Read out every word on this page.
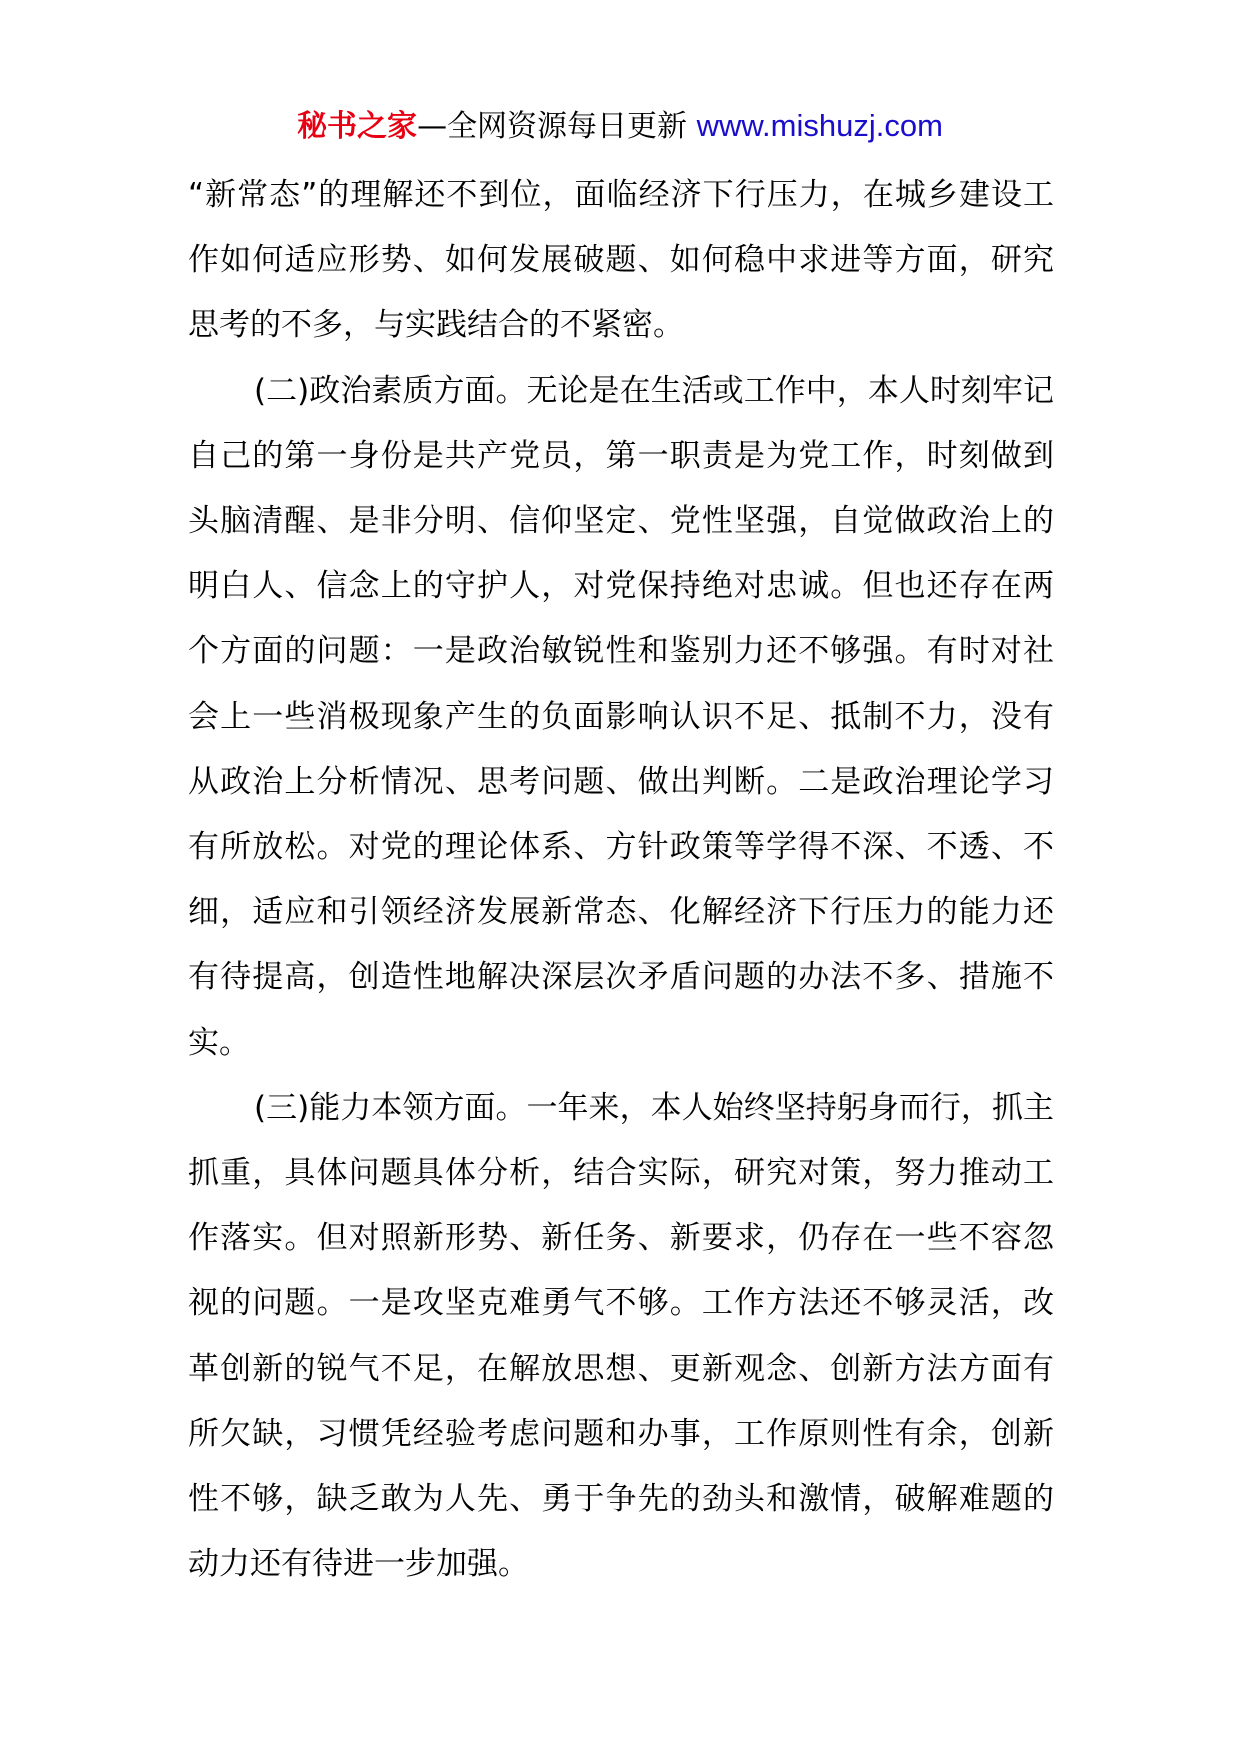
秘书之家—全网资源每日更新 www.mishuzj.com

“新常态”的理解还不到位，面临经济下行压力，在城乡建设工作如何适应形势、如何发展破题、如何稳中求进等方面，研究思考的不多，与实践结合的不紧密。

(二)政治素质方面。无论是在生活或工作中，本人时刻牢记自己的第一身份是共产党员，第一职责是为党工作，时刻做到头脑清醒、是非分明、信仰坚定、党性坚强，自觉做政治上的明白人、信念上的守护人，对党保持绝对忠诚。但也还存在两个方面的问题：一是政治敏锐性和鉴别力还不够强。有时对社会上一些消极现象产生的负面影响认识不足、抵制不力，没有从政治上分析情况、思考问题、做出判断。二是政治理论学习有所放松。对党的理论体系、方针政策等学得不深、不透、不细，适应和引领经济发展新常态、化解经济下行压力的能力还有待提高，创造性地解决深层次矛盾问题的办法不多、措施不实。

(三)能力本领方面。一年来，本人始终坚持躬身而行，抓主抓重，具体问题具体分析，结合实际，研究对策，努力推动工作落实。但对照新形势、新任务、新要求，仍存在一些不容忽视的问题。一是攻坚克难勇气不够。工作方法还不够灵活，改革创新的锐气不足，在解放思想、更新观念、创新方法方面有所欠缺，习惯凭经验考虑问题和办事，工作原则性有余，创新性不够，缺乏敢为人先、勇于争先的劲头和激情，破解难题的动力还有待进一步加强。
